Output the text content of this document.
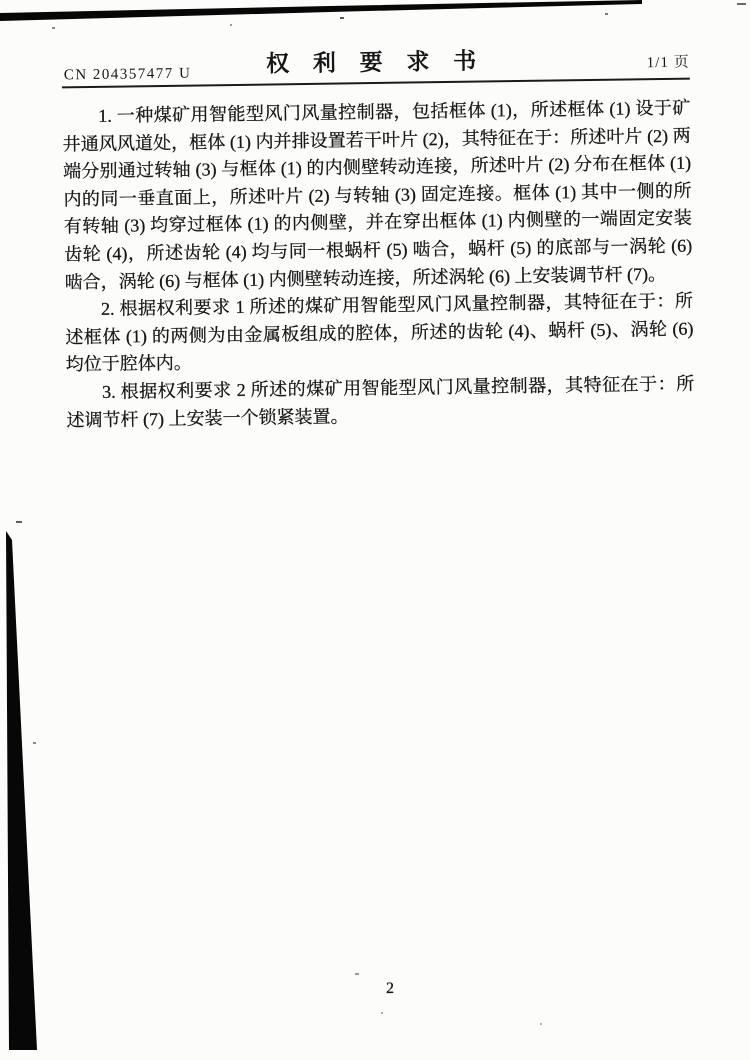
CN 204357477 U	权 利 要 求 书	1/1 页

1. 一种煤矿用智能型风门风量控制器，包括框体 (1)，所述框体 (1) 设于矿井通风风道处，框体 (1) 内并排设置若干叶片 (2)，其特征在于：所述叶片 (2) 两端分别通过转轴 (3) 与框体 (1) 的内侧壁转动连接，所述叶片 (2) 分布在框体 (1) 内的同一垂直面上，所述叶片 (2) 与转轴 (3) 固定连接。框体 (1) 其中一侧的所有转轴 (3) 均穿过框体 (1) 的内侧壁，并在穿出框体 (1) 内侧壁的一端固定安装齿轮 (4)，所述齿轮 (4) 均与同一根蜗杆 (5) 啮合，蜗杆 (5) 的底部与一涡轮 (6) 啮合，涡轮 (6) 与框体 (1) 内侧壁转动连接，所述涡轮 (6) 上安装调节杆 (7)。

2. 根据权利要求 1 所述的煤矿用智能型风门风量控制器，其特征在于：所述框体 (1) 的两侧为由金属板组成的腔体，所述的齿轮 (4)、蜗杆 (5)、涡轮 (6) 均位于腔体内。

3. 根据权利要求 2 所述的煤矿用智能型风门风量控制器，其特征在于：所述调节杆 (7) 上安装一个锁紧装置。

2
